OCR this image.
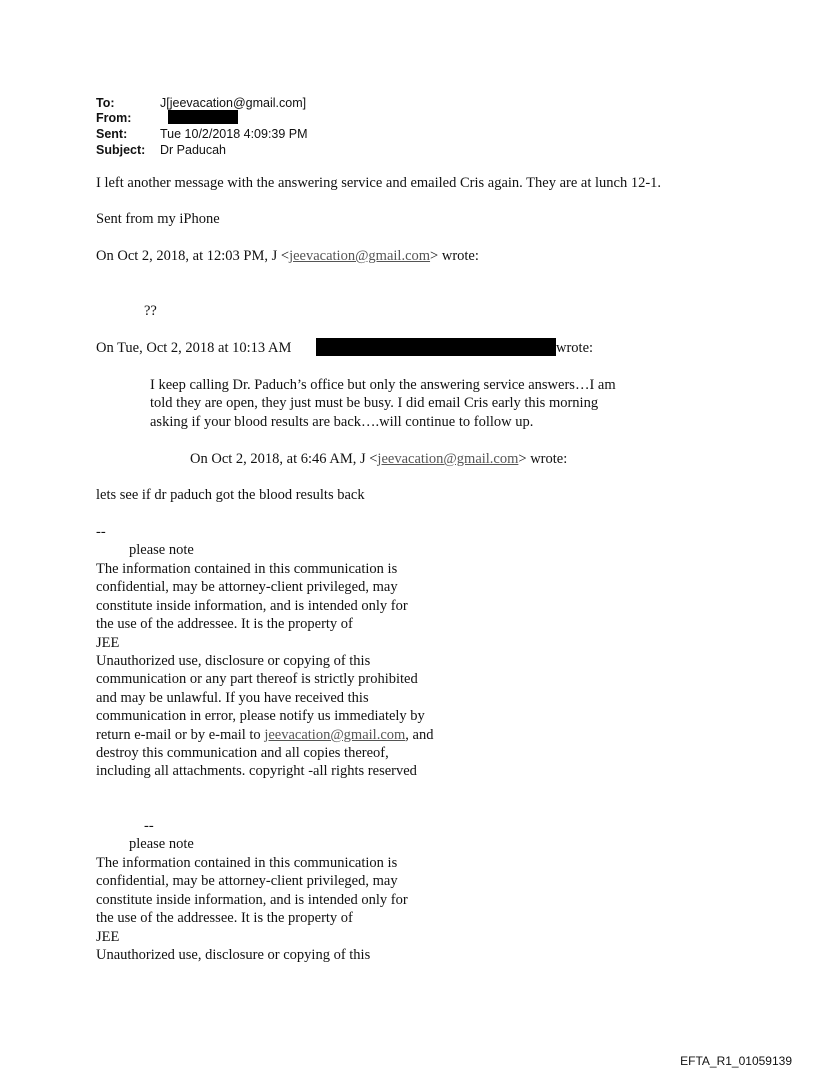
To:	J[jeevacation@gmail.com]
From:
Sent:	Tue 10/2/2018 4:09:39 PM
Subject: Dr Paducah
I left another message with the answering service and emailed Cris again. They are at lunch 12-1.
Sent from my iPhone
On Oct 2, 2018, at 12:03 PM, J <jeevacation@gmail.com> wrote:
??
On Tue, Oct 2, 2018 at 10:13 AM	wrote:
I keep calling Dr. Paduch’s office but only the answering service answers…I am
told they are open, they just must be busy. I did email Cris early this morning
asking if your blood results are back….will continue to follow up.
On Oct 2, 2018, at 6:46 AM, J <jeevacation@gmail.com> wrote:
lets see if dr paduch got the blood results back
--
please note
The information contained in this communication is
confidential, may be attorney-client privileged, may
constitute inside information, and is intended only for
the use of the addressee. It is the property of
JEE
Unauthorized use, disclosure or copying of this
communication or any part thereof is strictly prohibited
and may be unlawful. If you have received this
communication in error, please notify us immediately by
return e-mail or by e-mail to jeevacation@gmail.com, and
destroy this communication and all copies thereof,
including all attachments. copyright -all rights reserved
--
please note
The information contained in this communication is
confidential, may be attorney-client privileged, may
constitute inside information, and is intended only for
the use of the addressee. It is the property of
JEE
Unauthorized use, disclosure or copying of this
EFTA_R1_01059139
